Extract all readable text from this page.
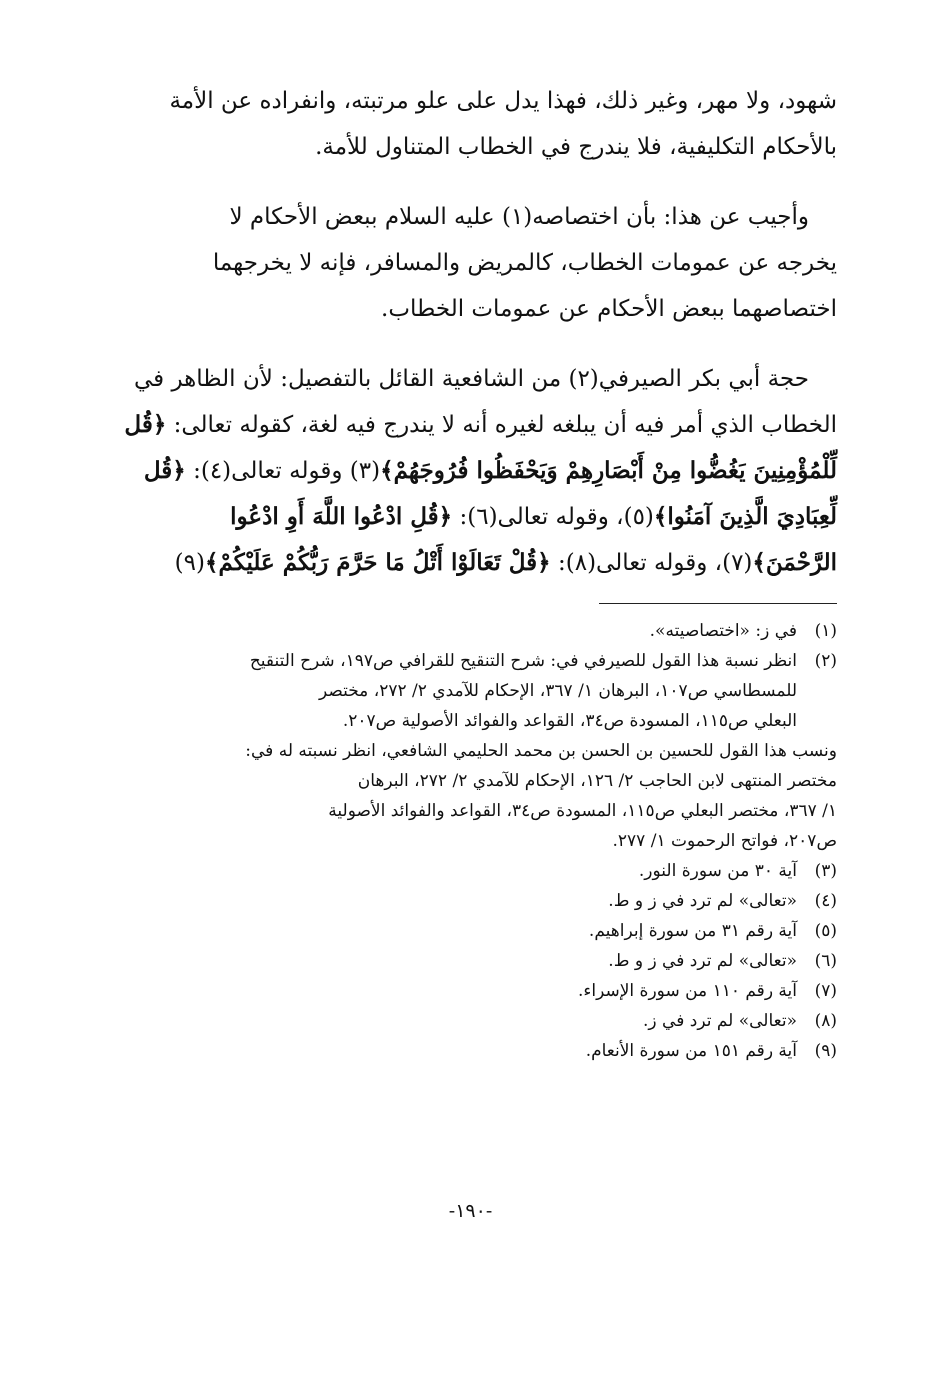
شهود، ولا مهر، وغير ذلك، فهذا يدل على علو مرتبته، وانفراده عن الأمة
بالأحكام التكليفية، فلا يندرج في الخطاب المتناول للأمة.

وأجيب عن هذا: بأن اختصاصه(١) عليه السلام ببعض الأحكام لا
يخرجه عن عمومات الخطاب، كالمريض والمسافر، فإنه لا يخرجهما
اختصاصهما ببعض الأحكام عن عمومات الخطاب.

حجة أبي بكر الصيرفي(٢) من الشافعية القائل بالتفصيل: لأن الظاهر في
الخطاب الذي أمر فيه أن يبلغه لغيره أنه لا يندرج فيه لغة، كقوله تعالى: ﴿قُل
لِّلْمُؤْمِنِينَ يَغُضُّوا مِنْ أَبْصَارِهِمْ وَيَحْفَظُوا فُرُوجَهُمْ﴾(٣) وقوله تعالى(٤): ﴿قُل
لِّعِبَادِيَ الَّذِينَ آمَنُوا﴾(٥)، وقوله تعالى(٦): ﴿قُلِ ادْعُوا اللَّهَ أَوِ ادْعُوا
الرَّحْمَنَ﴾(٧)، وقوله تعالى(٨): ﴿قُلْ تَعَالَوْا أَتْلُ مَا حَرَّمَ رَبُّكُمْ عَلَيْكُمْ﴾(٩)

(١)
في ز: «اختصاصيته».
(٢)
انظر نسبة هذا القول للصيرفي في: شرح التنقيح للقرافي ص١٩٧، شرح التنقيح
للمسطاسي ص١٠٧، البرهان ١/ ٣٦٧، الإحكام للآمدي ٢/ ٢٧٢، مختصر
البعلي ص١١٥، المسودة ص٣٤، القواعد والفوائد الأصولية ص٢٠٧.
ونسب هذا القول للحسين بن الحسن بن محمد الحليمي الشافعي، انظر نسبته له في:
مختصر المنتهى لابن الحاجب ٢/ ١٢٦، الإحكام للآمدي ٢/ ٢٧٢، البرهان
١/ ٣٦٧، مختصر البعلي ص١١٥، المسودة ص٣٤، القواعد والفوائد الأصولية
ص٢٠٧، فواتح الرحموت ١/ ٢٧٧.
(٣)
آية ٣٠ من سورة النور.
(٤)
«تعالى» لم ترد في ز و ط.
(٥)
آية رقم ٣١ من سورة إبراهيم.
(٦)
«تعالى» لم ترد في ز و ط.
(٧)
آية رقم ١١٠ من سورة الإسراء.
(٨)
«تعالى» لم ترد في ز.
(٩)
آية رقم ١٥١ من سورة الأنعام.
-١٩٠-
